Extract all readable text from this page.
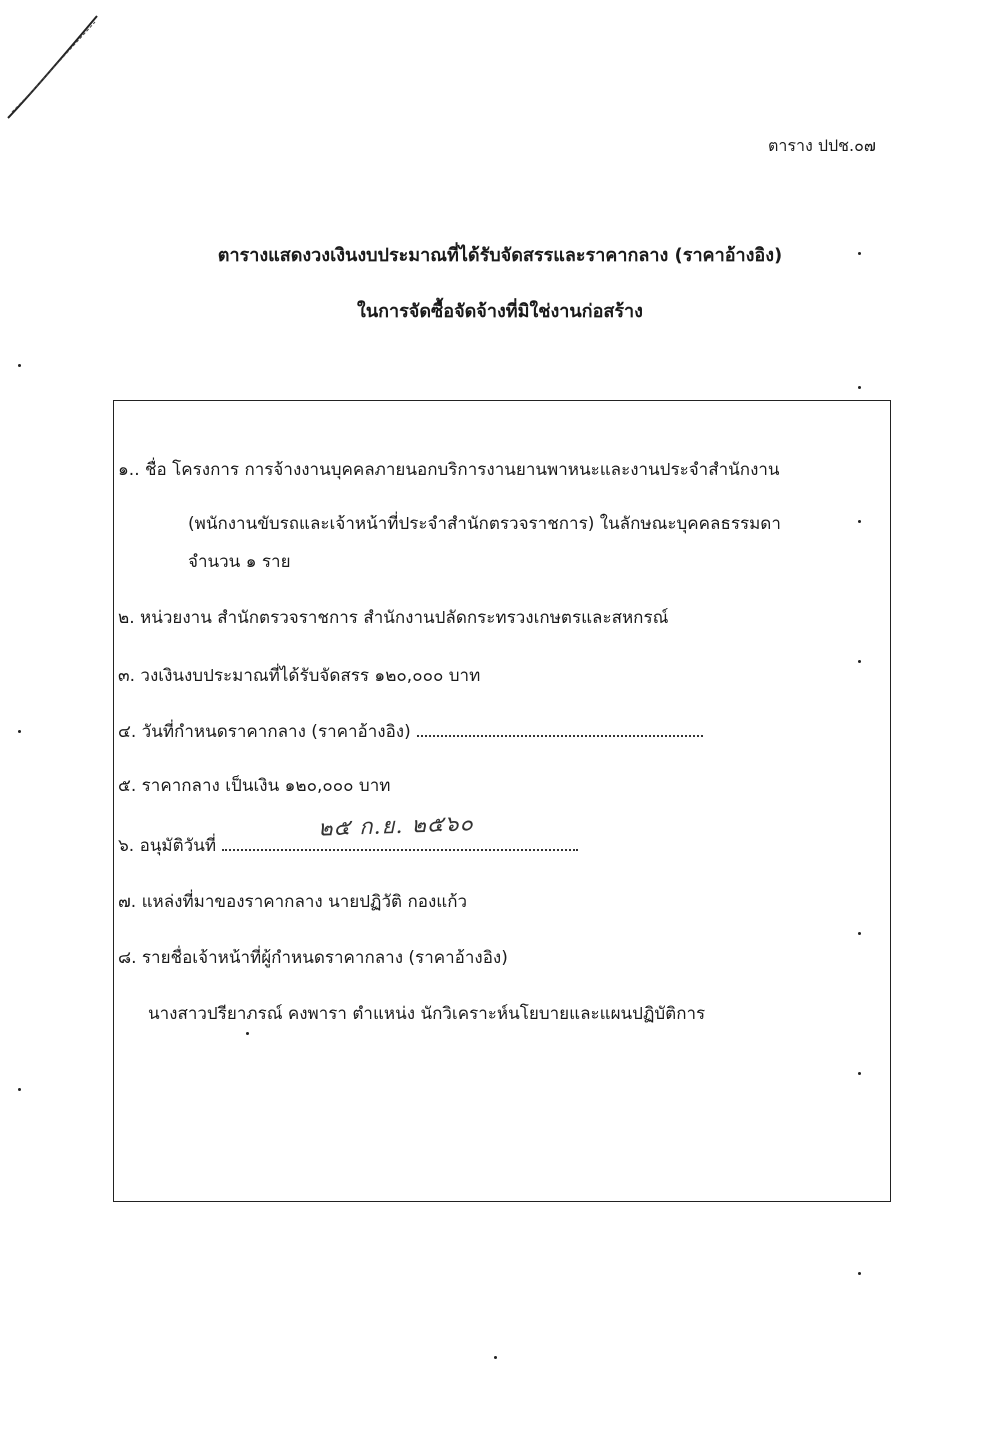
ตาราง ปปช.๐๗
ตารางแสดงวงเงินงบประมาณที่ได้รับจัดสรรและราคากลาง (ราคาอ้างอิง)
ในการจัดซื้อจัดจ้างที่มิใช่งานก่อสร้าง
๑.. ชื่อ โครงการ การจ้างงานบุคคลภายนอกบริการงานยานพาหนะและงานประจำสำนักงาน
(พนักงานขับรถและเจ้าหน้าที่ประจำสำนักตรวจราชการ) ในลักษณะบุคคลธรรมดา
จำนวน ๑ ราย
๒. หน่วยงาน สำนักตรวจราชการ สำนักงานปลัดกระทรวงเกษตรและสหกรณ์
๓. วงเงินงบประมาณที่ได้รับจัดสรร ๑๒๐,๐๐๐ บาท
๔. วันที่กำหนดราคากลาง (ราคาอ้างอิง)
๕. ราคากลาง เป็นเงิน ๑๒๐,๐๐๐ บาท
๒๕ ก.ย. ๒๕๖๐
๖. อนุมัติวันที่
๗. แหล่งที่มาของราคากลาง นายปฏิวัติ กองแก้ว
๘. รายชื่อเจ้าหน้าที่ผู้กำหนดราคากลาง (ราคาอ้างอิง)
นางสาวปรียาภรณ์ คงพารา ตำแหน่ง นักวิเคราะห์นโยบายและแผนปฏิบัติการ
